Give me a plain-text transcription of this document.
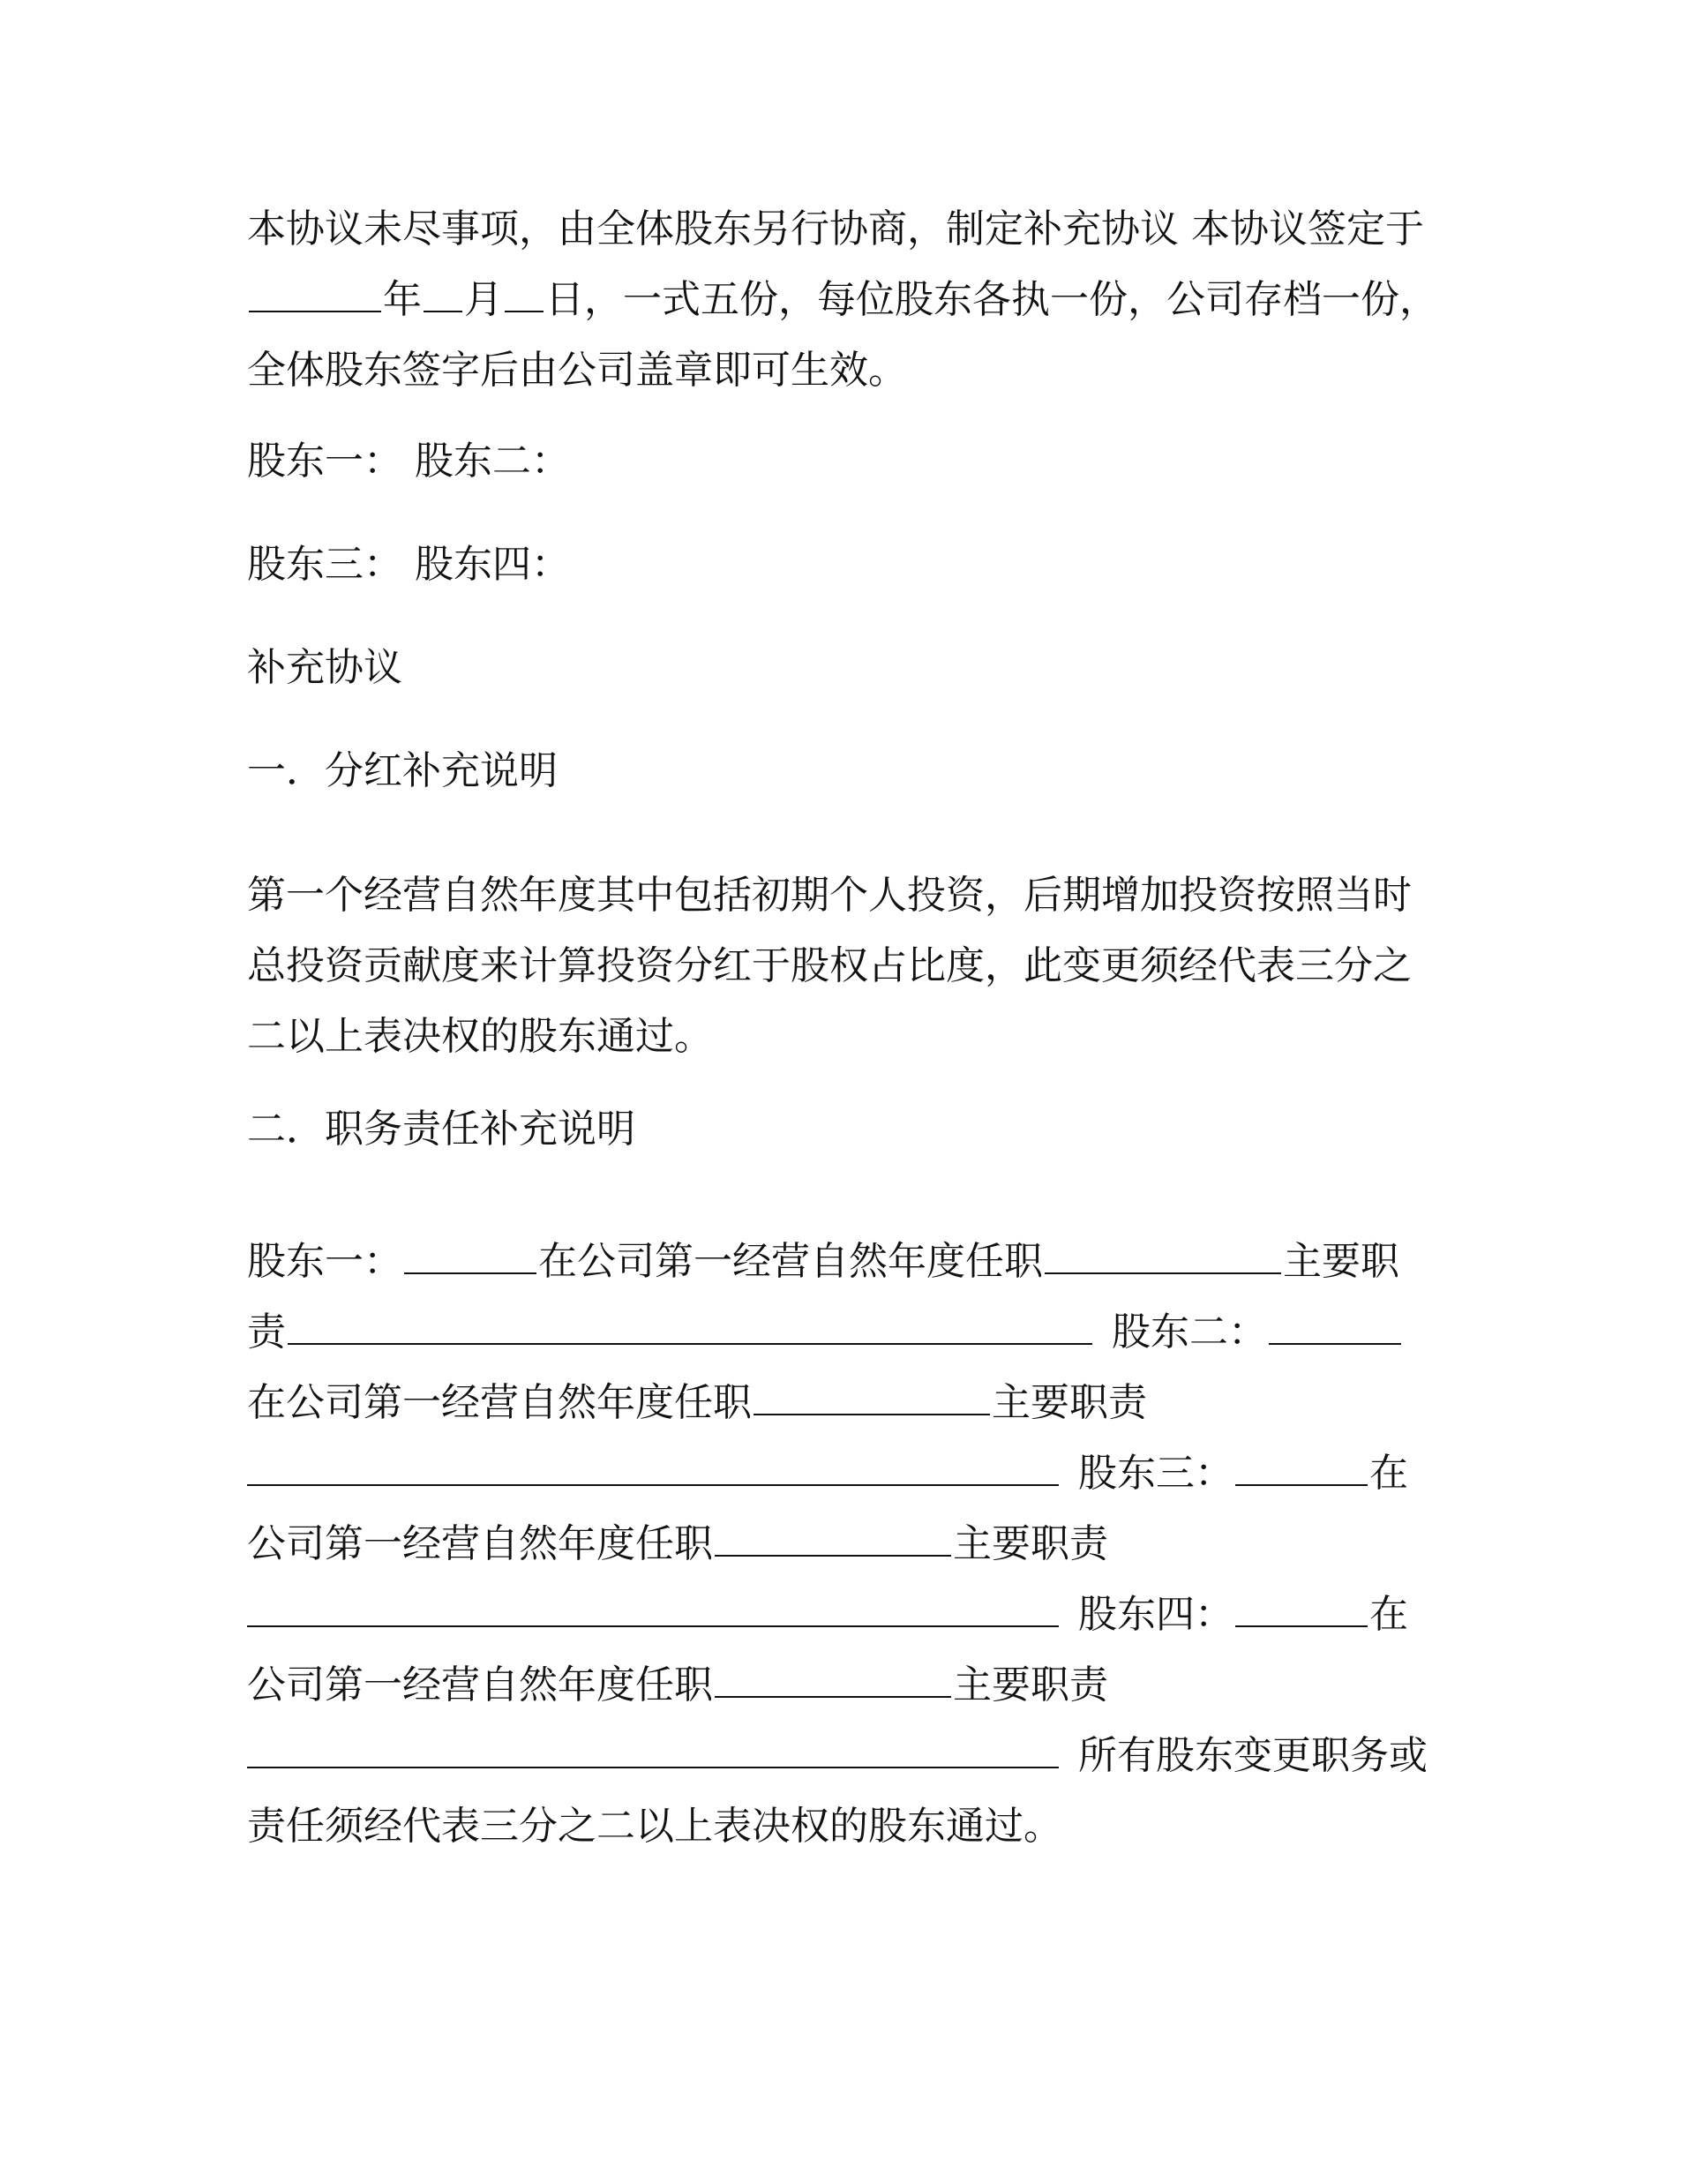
本协议未尽事项，由全体股东另行协商，制定补充协议 本协议签定于
年 月 日，一式五份，每位股东各执一份，公司存档一份，
全体股东签字后由公司盖章即可生效。
股东一： 股东二：
股东三： 股东四：
补充协议
一．分红补充说明
第一个经营自然年度其中包括初期个人投资，后期增加投资按照当时
总投资贡献度来计算投资分红于股权占比度，此变更须经代表三分之
二以上表决权的股东通过。
二．职务责任补充说明
股东一：	在公司第一经营自然年度任职	主要职
责	股东二：
在公司第一经营自然年度任职	主要职责
股东三：	在
公司第一经营自然年度任职	主要职责
股东四：	在
公司第一经营自然年度任职	主要职责
所有股东变更职务或
责任须经代表三分之二以上表决权的股东通过。
